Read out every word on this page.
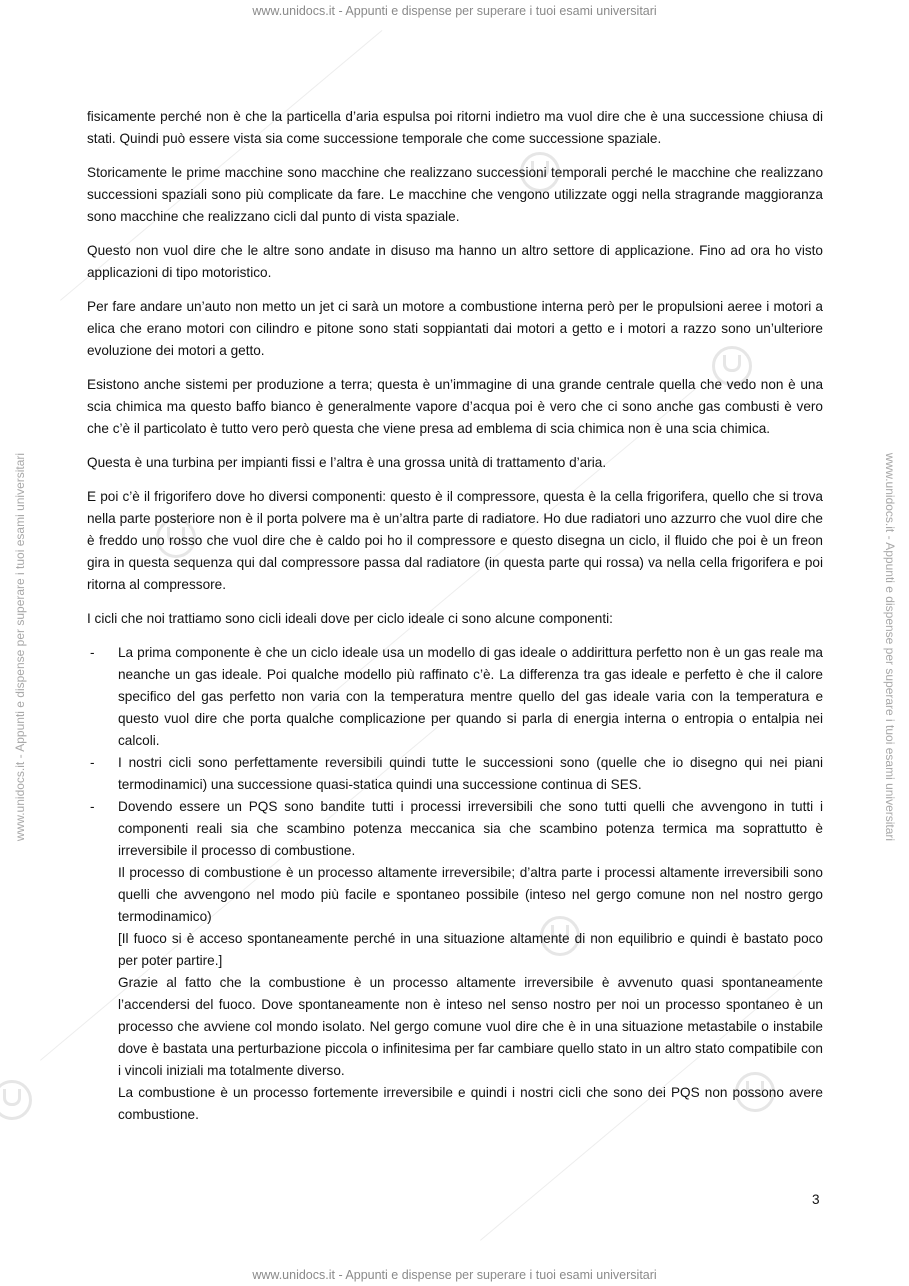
www.unidocs.it - Appunti e dispense per superare i tuoi esami universitari
www.unidocs.it - Appunti e dispense per superare i tuoi esami universitari	www.unidocs.it - Appunti e dispense per superare i tuoi esami universitari

fisicamente perché non è che la particella d’aria espulsa poi ritorni indietro ma vuol dire che è una successione chiusa di stati. Quindi può essere vista sia come successione temporale che come successione spaziale.

Storicamente le prime macchine sono macchine che realizzano successioni temporali perché le macchine che realizzano successioni spaziali sono più complicate da fare. Le macchine che vengono utilizzate oggi nella stragrande maggioranza sono macchine che realizzano cicli dal punto di vista spaziale.

Questo non vuol dire che le altre sono andate in disuso ma hanno un altro settore di applicazione. Fino ad ora ho visto applicazioni di tipo motoristico.

Per fare andare un’auto non metto un jet ci sarà un motore a combustione interna però per le propulsioni aeree i motori a elica che erano motori con cilindro e pitone sono stati soppiantati dai motori a getto e i motori a razzo sono un’ulteriore evoluzione dei motori a getto.

Esistono anche sistemi per produzione a terra; questa è un’immagine di una grande centrale quella che vedo non è una scia chimica ma questo baffo bianco è generalmente vapore d’acqua poi è vero che ci sono anche gas combusti è vero che c’è il particolato è tutto vero però questa che viene presa ad emblema di scia chimica non è una scia chimica.

Questa è una turbina per impianti fissi e l’altra è una grossa unità di trattamento d’aria.

E poi c’è il frigorifero dove ho diversi componenti: questo è il compressore, questa è la cella frigorifera, quello che si trova nella parte posteriore non è il porta polvere ma è un’altra parte di radiatore. Ho due radiatori uno azzurro che vuol dire che è freddo uno rosso che vuol dire che è caldo poi ho il compressore e questo disegna un ciclo, il fluido che poi è un freon gira in questa sequenza qui dal compressore passa dal radiatore (in questa parte qui rossa) va nella cella frigorifera e poi ritorna al compressore.

I cicli che noi trattiamo sono cicli ideali dove per ciclo ideale ci sono alcune componenti:

- La prima componente è che un ciclo ideale usa un modello di gas ideale o addirittura perfetto non è un gas reale ma neanche un gas ideale. Poi qualche modello più raffinato c’è. La differenza tra gas ideale e perfetto è che il calore specifico del gas perfetto non varia con la temperatura mentre quello del gas ideale varia con la temperatura e questo vuol dire che porta qualche complicazione per quando si parla di energia interna o entropia o entalpia nei calcoli.
- I nostri cicli sono perfettamente reversibili quindi tutte le successioni sono (quelle che io disegno qui nei piani termodinamici) una successione quasi-statica quindi una successione continua di SES.
- Dovendo essere un PQS sono bandite tutti i processi irreversibili che sono tutti quelli che avvengono in tutti i componenti reali sia che scambino potenza meccanica sia che scambino potenza termica ma soprattutto è irreversibile il processo di combustione.
Il processo di combustione è un processo altamente irreversibile; d’altra parte i processi altamente irreversibili sono quelli che avvengono nel modo più facile e spontaneo possibile (inteso nel gergo comune non nel nostro gergo termodinamico)
[Il fuoco si è acceso spontaneamente perché in una situazione altamente di non equilibrio e quindi è bastato poco per poter partire.]
Grazie al fatto che la combustione è un processo altamente irreversibile è avvenuto quasi spontaneamente l’accendersi del fuoco. Dove spontaneamente non è inteso nel senso nostro per noi un processo spontaneo è un processo che avviene col mondo isolato. Nel gergo comune vuol dire che è in una situazione metastabile o instabile dove è bastata una perturbazione piccola o infinitesima per far cambiare quello stato in un altro stato compatibile con i vincoli iniziali ma totalmente diverso.
La combustione è un processo fortemente irreversibile e quindi i nostri cicli che sono dei PQS non possono avere combustione.
3
www.unidocs.it - Appunti e dispense per superare i tuoi esami universitari
